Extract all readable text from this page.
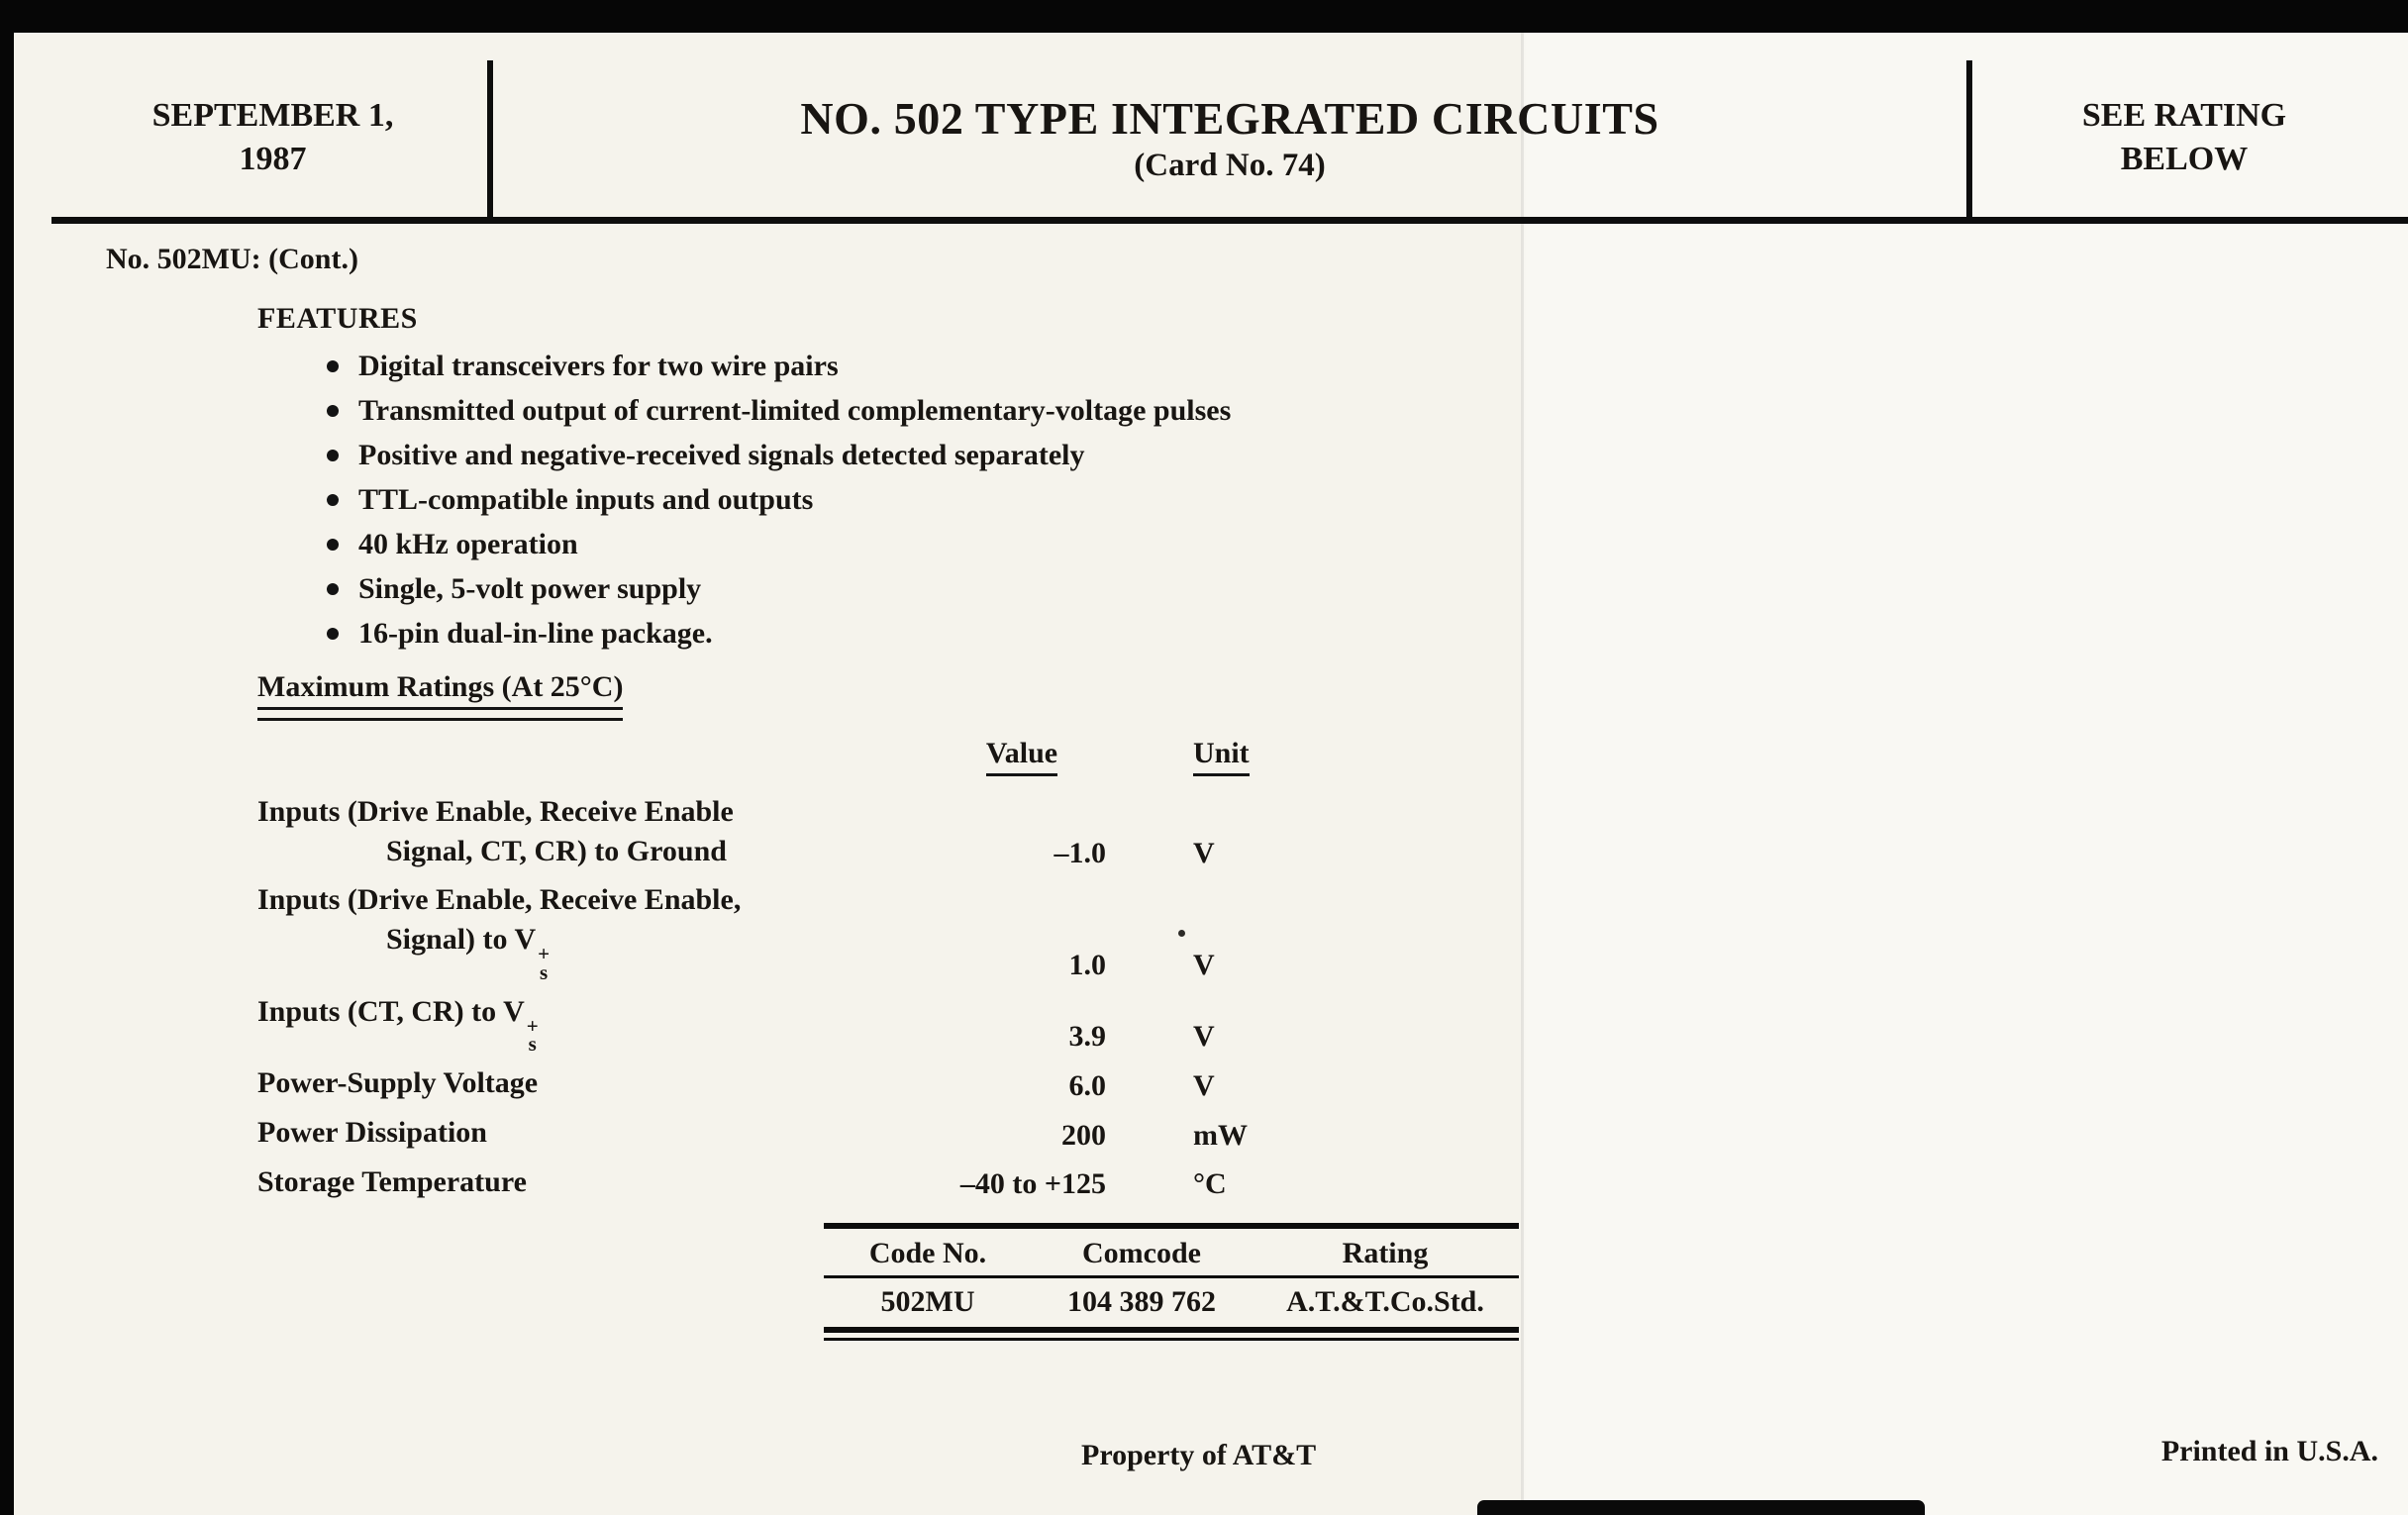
SEPTEMBER 1,
1987
NO. 502 TYPE INTEGRATED CIRCUITS
(Card No. 74)
SEE RATING
BELOW
No. 502MU: (Cont.)
FEATURES
Digital transceivers for two wire pairs
Transmitted output of current-limited complementary-voltage pulses
Positive and negative-received signals detected separately
TTL-compatible inputs and outputs
40 kHz operation
Single, 5-volt power supply
16-pin dual-in-line package.
Maximum Ratings (At 25°C)
Value	Unit
Inputs (Drive Enable, Receive Enable
Signal, CT, CR) to Ground	–1.0	V
Inputs (Drive Enable, Receive Enable,
Signal) to V +
s	1.0	V
Inputs (CT, CR) to V +
s	3.9	V
Power-Supply Voltage	6.0	V
Power Dissipation	200	mW
Storage Temperature	–40 to +125	°C
Code No.	Comcode	Rating
502MU	104 389 762	A.T.&T.Co.Std.
Property of AT&T	Printed in U.S.A.
